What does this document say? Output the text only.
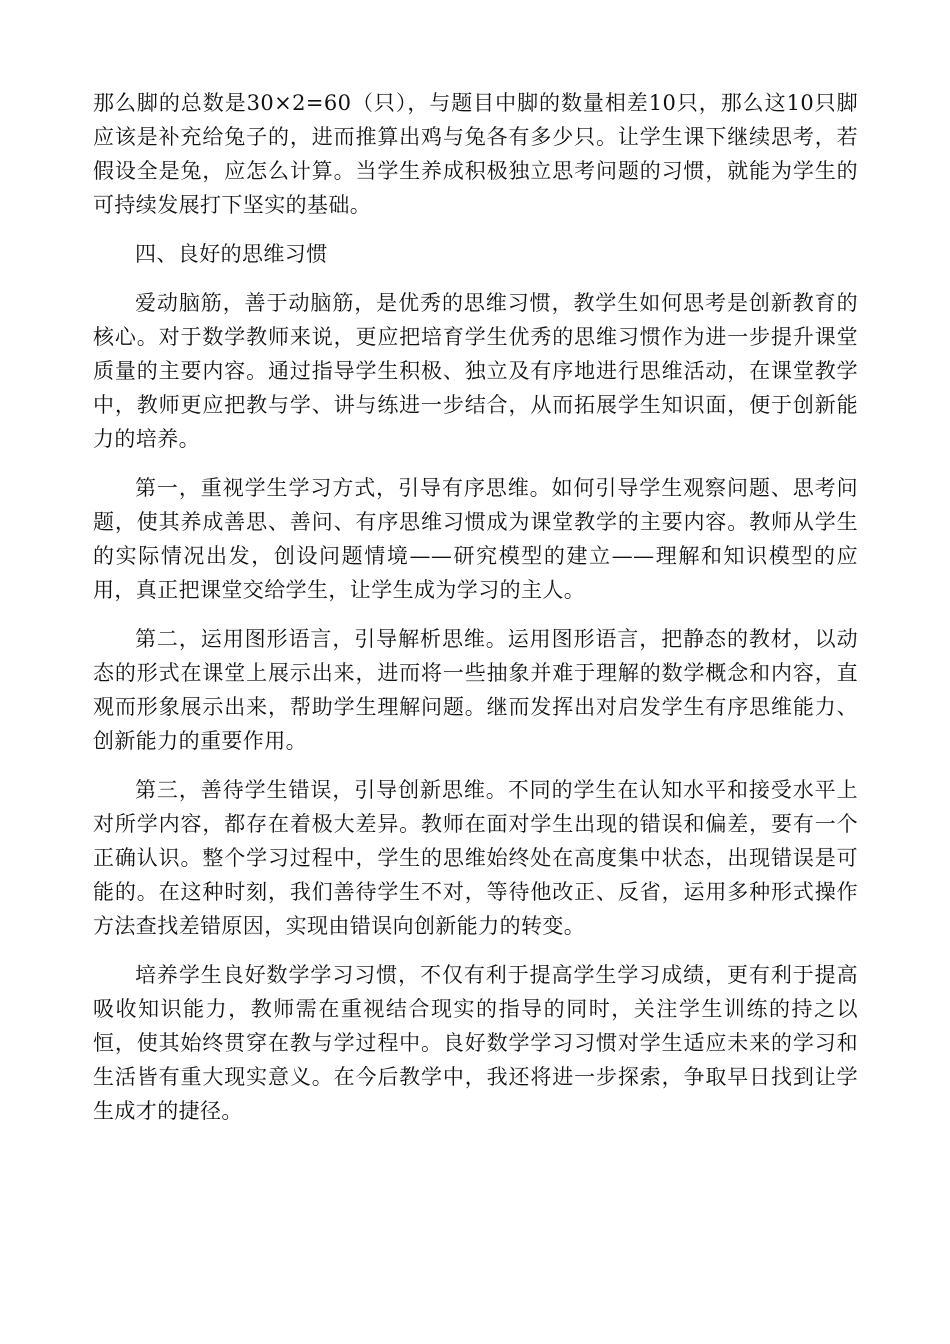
那么脚的总数是30×2=60（只），与题目中脚的数量相差10只，那么这10只脚应该是补充给兔子的，进而推算出鸡与兔各有多少只。让学生课下继续思考，若假设全是兔，应怎么计算。当学生养成积极独立思考问题的习惯，就能为学生的可持续发展打下坚实的基础。

四、良好的思维习惯

爱动脑筋，善于动脑筋，是优秀的思维习惯，教学生如何思考是创新教育的核心。对于数学教师来说，更应把培育学生优秀的思维习惯作为进一步提升课堂质量的主要内容。通过指导学生积极、独立及有序地进行思维活动，在课堂教学中，教师更应把教与学、讲与练进一步结合，从而拓展学生知识面，便于创新能力的培养。

第一，重视学生学习方式，引导有序思维。如何引导学生观察问题、思考问题，使其养成善思、善问、有序思维习惯成为课堂教学的主要内容。教师从学生的实际情况出发，创设问题情境——研究模型的建立——理解和知识模型的应用，真正把课堂交给学生，让学生成为学习的主人。

第二，运用图形语言，引导解析思维。运用图形语言，把静态的教材，以动态的形式在课堂上展示出来，进而将一些抽象并难于理解的数学概念和内容，直观而形象展示出来，帮助学生理解问题。继而发挥出对启发学生有序思维能力、创新能力的重要作用。

第三，善待学生错误，引导创新思维。不同的学生在认知水平和接受水平上对所学内容，都存在着极大差异。教师在面对学生出现的错误和偏差，要有一个正确认识。整个学习过程中，学生的思维始终处在高度集中状态，出现错误是可能的。在这种时刻，我们善待学生不对，等待他改正、反省，运用多种形式操作方法查找差错原因，实现由错误向创新能力的转变。

培养学生良好数学学习习惯，不仅有利于提高学生学习成绩，更有利于提高吸收知识能力，教师需在重视结合现实的指导的同时，关注学生训练的持之以恒，使其始终贯穿在教与学过程中。良好数学学习习惯对学生适应未来的学习和生活皆有重大现实意义。在今后教学中，我还将进一步探索，争取早日找到让学生成才的捷径。
